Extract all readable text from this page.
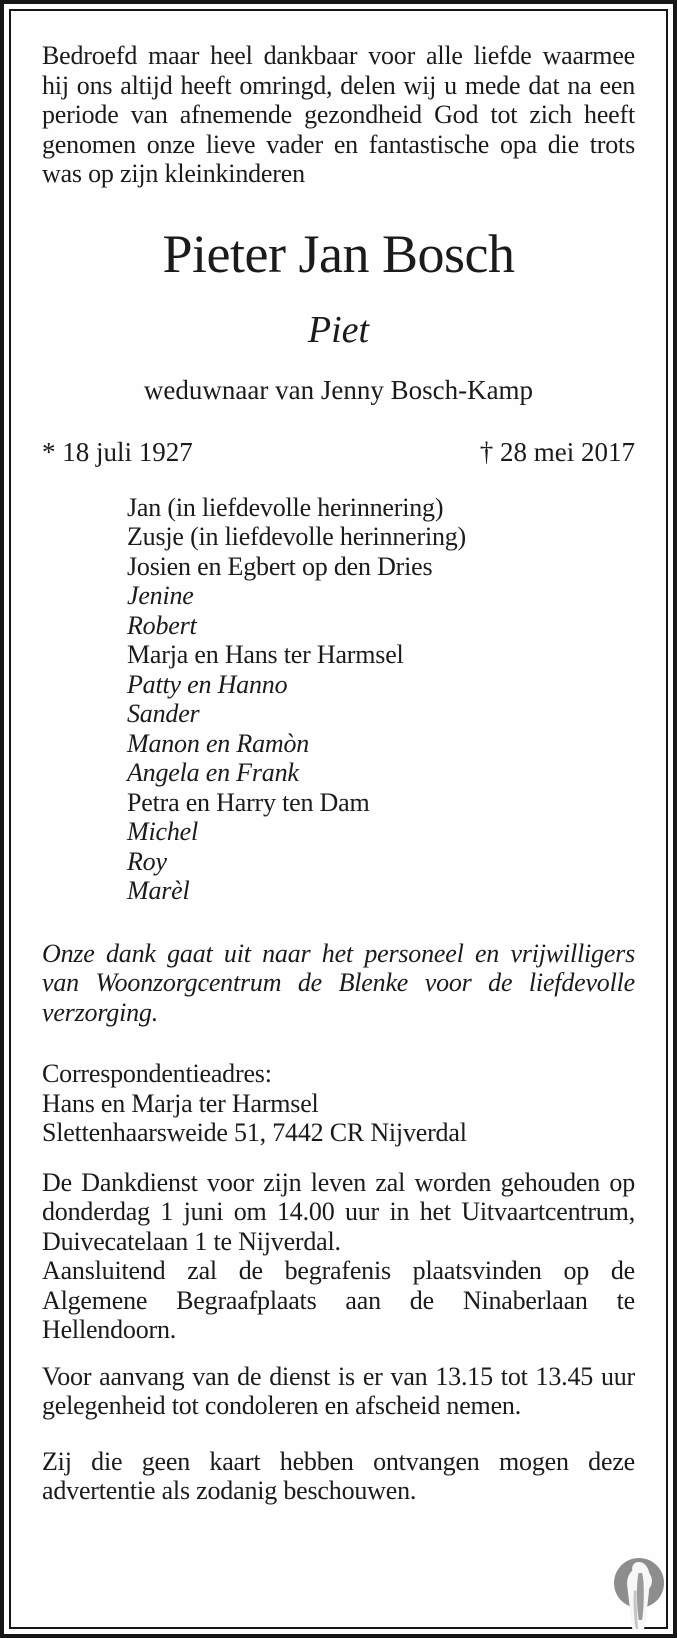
Bedroefd maar heel dankbaar voor alle liefde waarmee hij ons altijd heeft omringd, delen wij u mede dat na een periode van afnemende gezondheid God tot zich heeft genomen onze lieve vader en fantastische opa die trots was op zijn kleinkinderen

Pieter Jan Bosch
Piet
weduwnaar van Jenny Bosch-Kamp
* 18 juli 1927	† 28 mei 2017
Jan (in liefdevolle herinnering)
Zusje (in liefdevolle herinnering)
Josien en Egbert op den Dries
Jenine
Robert
Marja en Hans ter Harmsel
Patty en Hanno
Sander
Manon en Ramòn
Angela en Frank
Petra en Harry ten Dam
Michel
Roy
Marèl

Onze dank gaat uit naar het personeel en vrijwilligers van Woonzorgcentrum de Blenke voor de liefdevolle verzorging.

Correspondentieadres:
Hans en Marja ter Harmsel
Slettenhaarsweide 51, 7442 CR Nijverdal

De Dankdienst voor zijn leven zal worden gehouden op donderdag 1 juni om 14.00 uur in het Uitvaartcentrum, Duivecatelaan 1 te Nijverdal.

Aansluitend zal de begrafenis plaatsvinden op de Algemene Begraafplaats aan de Ninaberlaan te Hellendoorn.

Voor aanvang van de dienst is er van 13.15 tot 13.45 uur gelegenheid tot condoleren en afscheid nemen.

Zij die geen kaart hebben ontvangen mogen deze advertentie als zodanig beschouwen.
